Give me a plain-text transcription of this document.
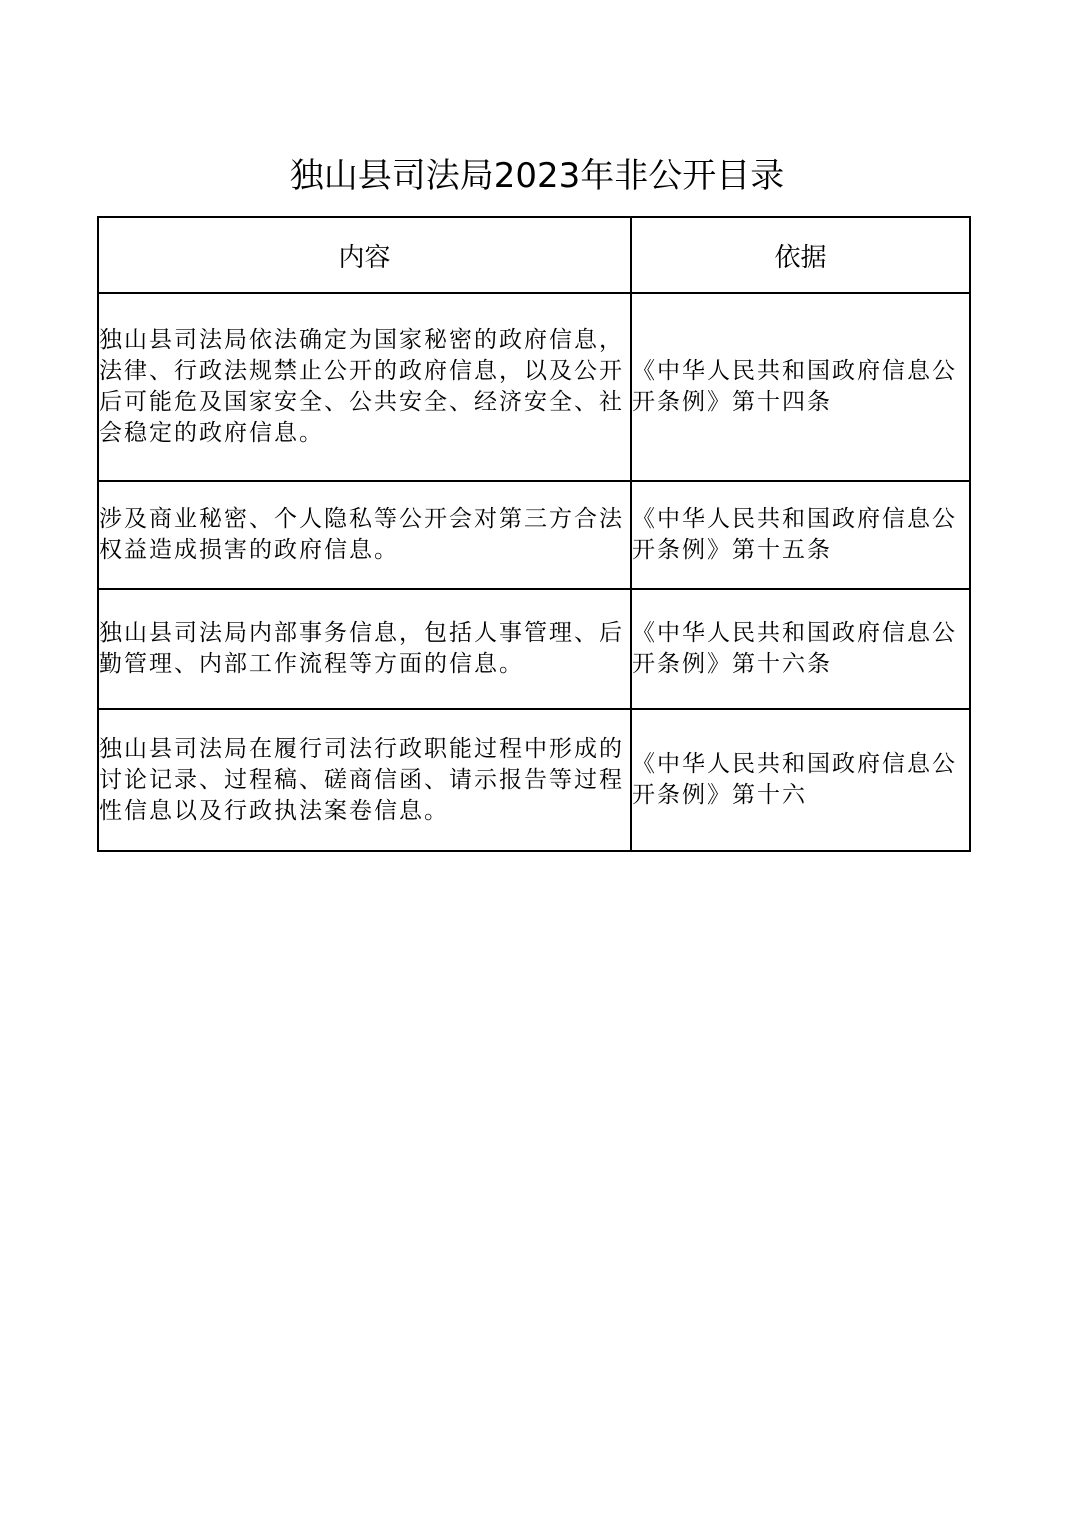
独山县司法局2023年非公开目录
内容	依据
独山县司法局依法确定为国家秘密的政府信息，法律、行政法规禁止公开的政府信息，以及公开后可能危及国家安全、公共安全、经济安全、社会稳定的政府信息。	《中华人民共和国政府信息公开条例》第十四条
涉及商业秘密、个人隐私等公开会对第三方合法权益造成损害的政府信息。	《中华人民共和国政府信息公开条例》第十五条
独山县司法局内部事务信息，包括人事管理、后勤管理、内部工作流程等方面的信息。	《中华人民共和国政府信息公开条例》第十六条
独山县司法局在履行司法行政职能过程中形成的讨论记录、过程稿、磋商信函、请示报告等过程性信息以及行政执法案卷信息。	《中华人民共和国政府信息公开条例》第十六
